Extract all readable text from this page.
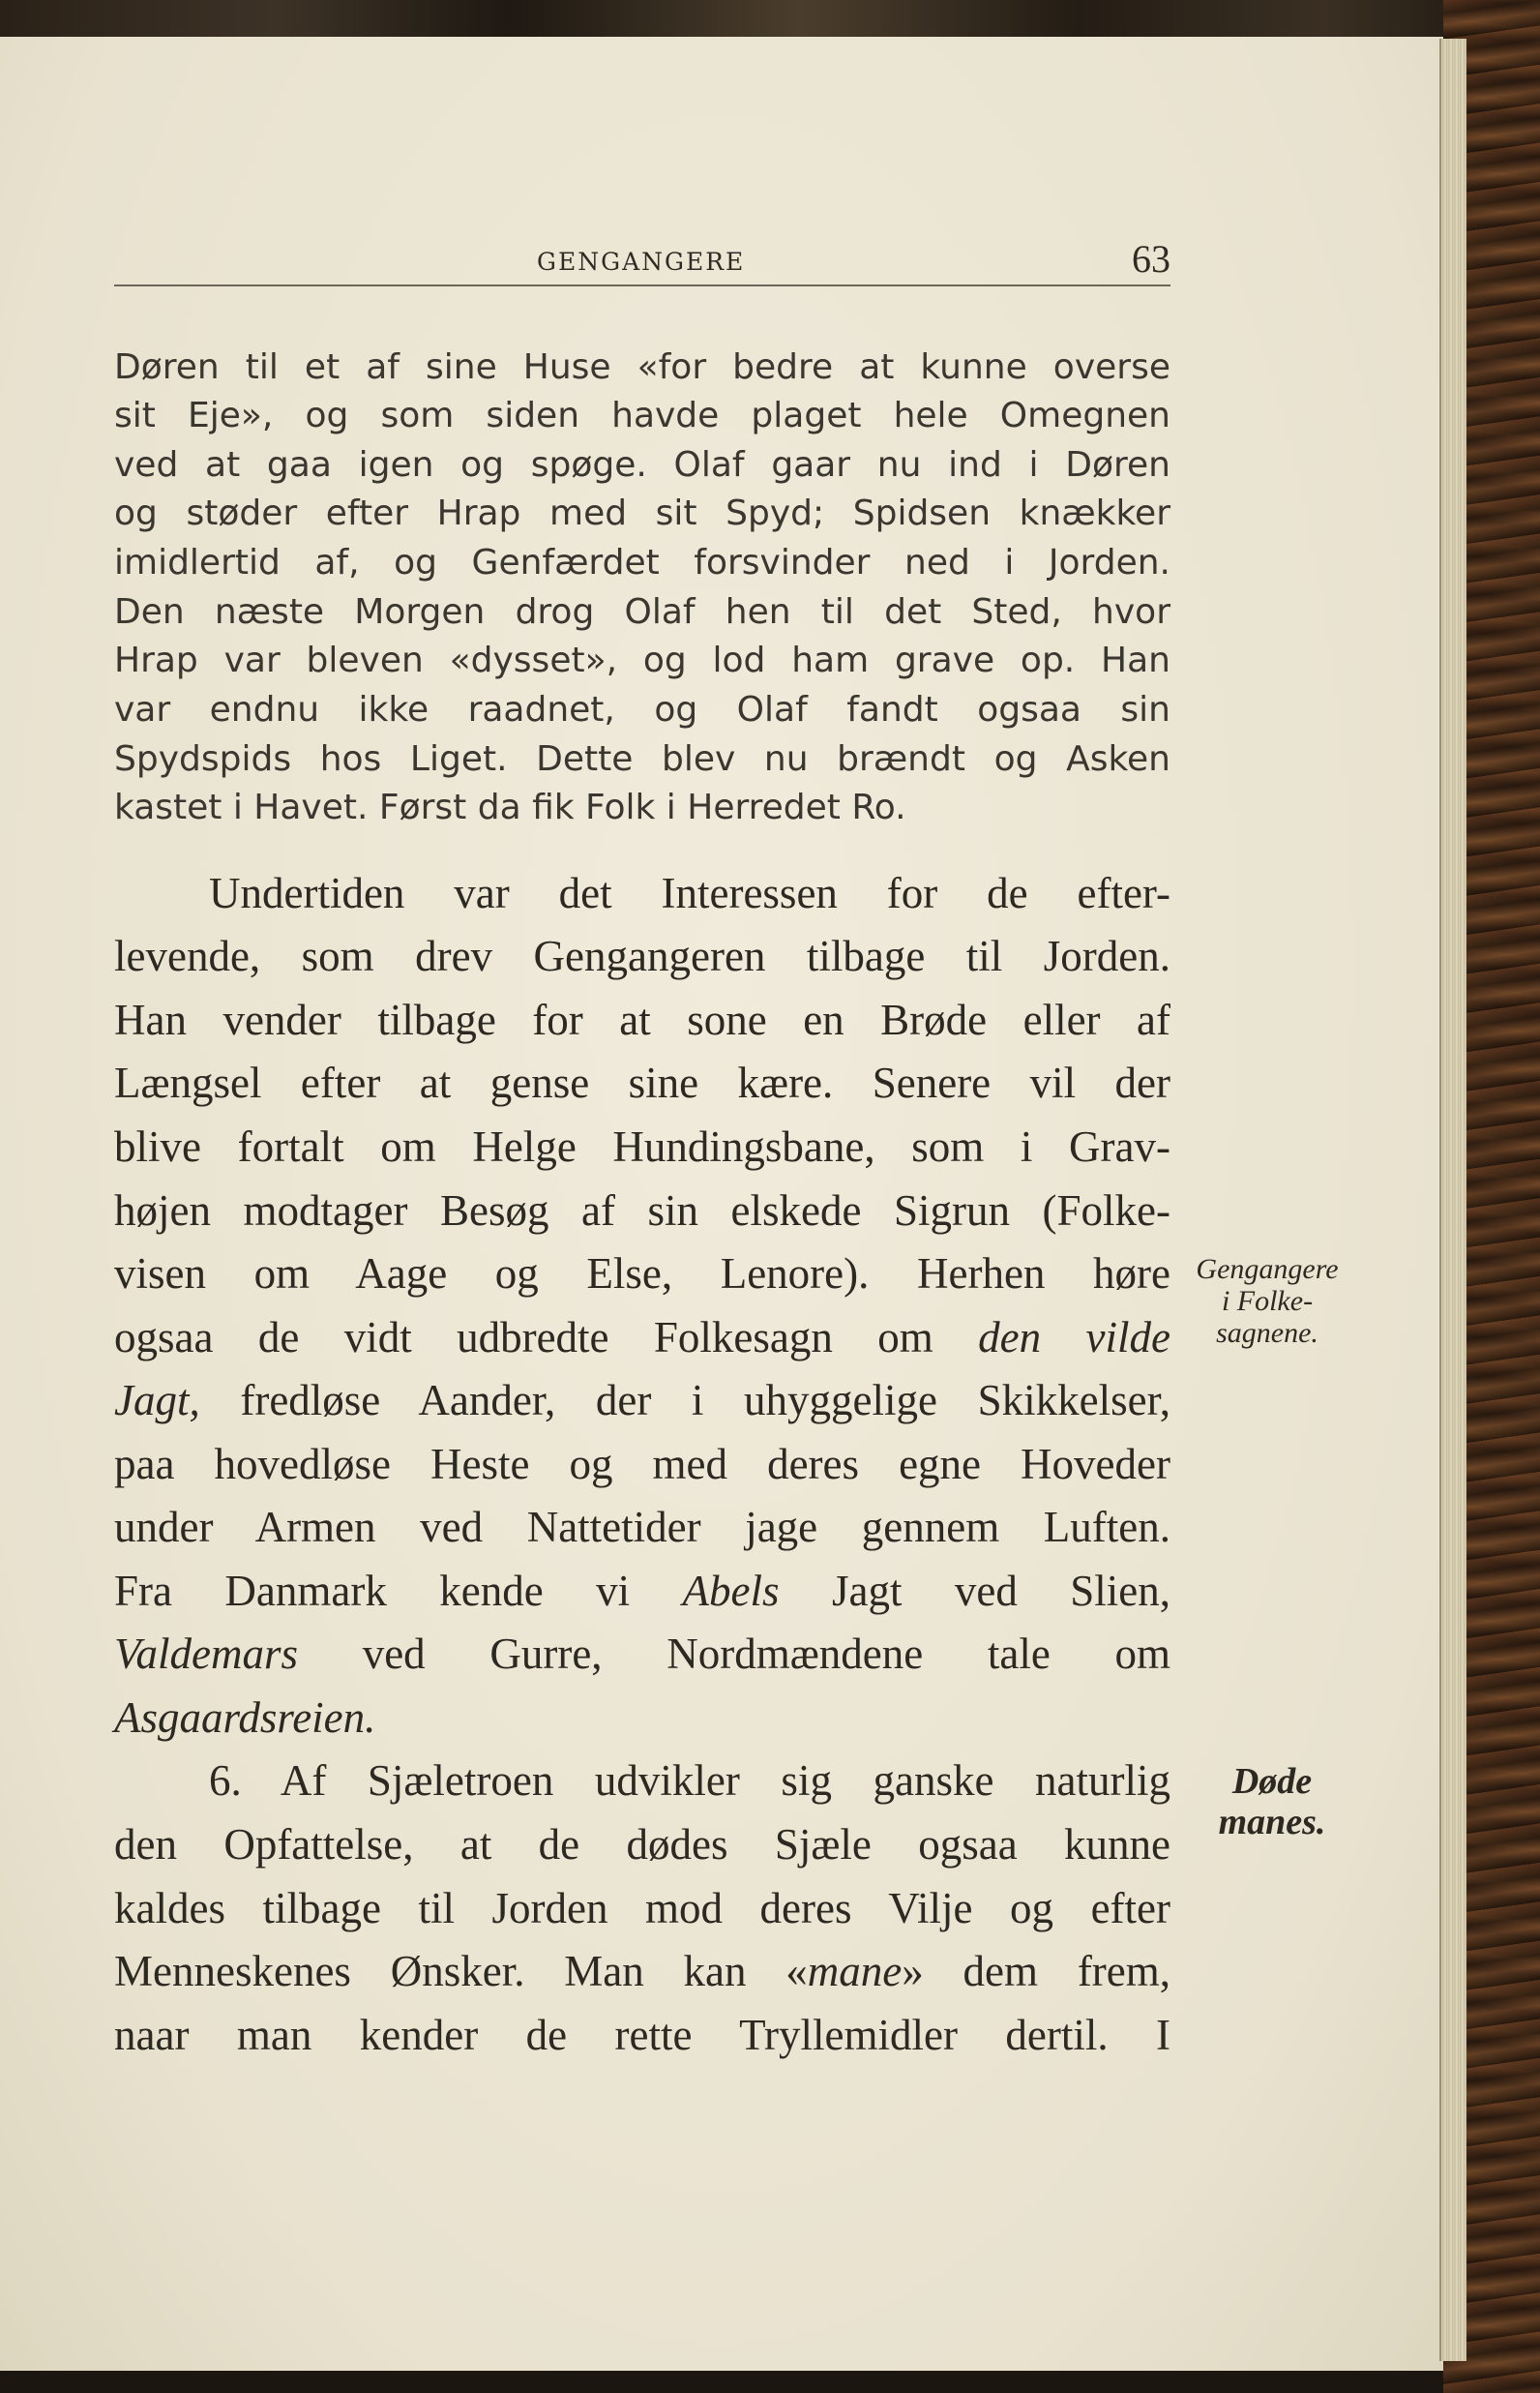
GENGANGERE	63
Døren til et af sine Huse «for bedre at kunne overse
sit Eje», og som siden havde plaget hele Omegnen
ved at gaa igen og spøge. Olaf gaar nu ind i Døren
og støder efter Hrap med sit Spyd; Spidsen knækker
imidlertid af, og Genfærdet forsvinder ned i Jorden.
Den næste Morgen drog Olaf hen til det Sted, hvor
Hrap var bleven «dysset», og lod ham grave op. Han
var endnu ikke raadnet, og Olaf fandt ogsaa sin
Spydspids hos Liget. Dette blev nu brændt og Asken
kastet i Havet. Først da fik Folk i Herredet Ro.
Undertiden var det Interessen for de efter-
levende, som drev Gengangeren tilbage til Jorden.
Han vender tilbage for at sone en Brøde eller af
Længsel efter at gense sine kære. Senere vil der
blive fortalt om Helge Hundingsbane, som i Grav-
højen modtager Besøg af sin elskede Sigrun (Folke-
visen om Aage og Else, Lenore). Herhen høre
ogsaa de vidt udbredte Folkesagn om den vilde
Jagt, fredløse Aander, der i uhyggelige Skikkelser,
paa hovedløse Heste og med deres egne Hoveder
under Armen ved Nattetider jage gennem Luften.
Fra Danmark kende vi Abels Jagt ved Slien,
Valdemars ved Gurre, Nordmændene tale om
Asgaardsreien.
6. Af Sjæletroen udvikler sig ganske naturlig
den Opfattelse, at de dødes Sjæle ogsaa kunne
kaldes tilbage til Jorden mod deres Vilje og efter
Menneskenes Ønsker. Man kan «mane» dem frem,
naar man kender de rette Tryllemidler dertil. I
Gengangere
i Folke-
sagnene.
Døde
manes.
